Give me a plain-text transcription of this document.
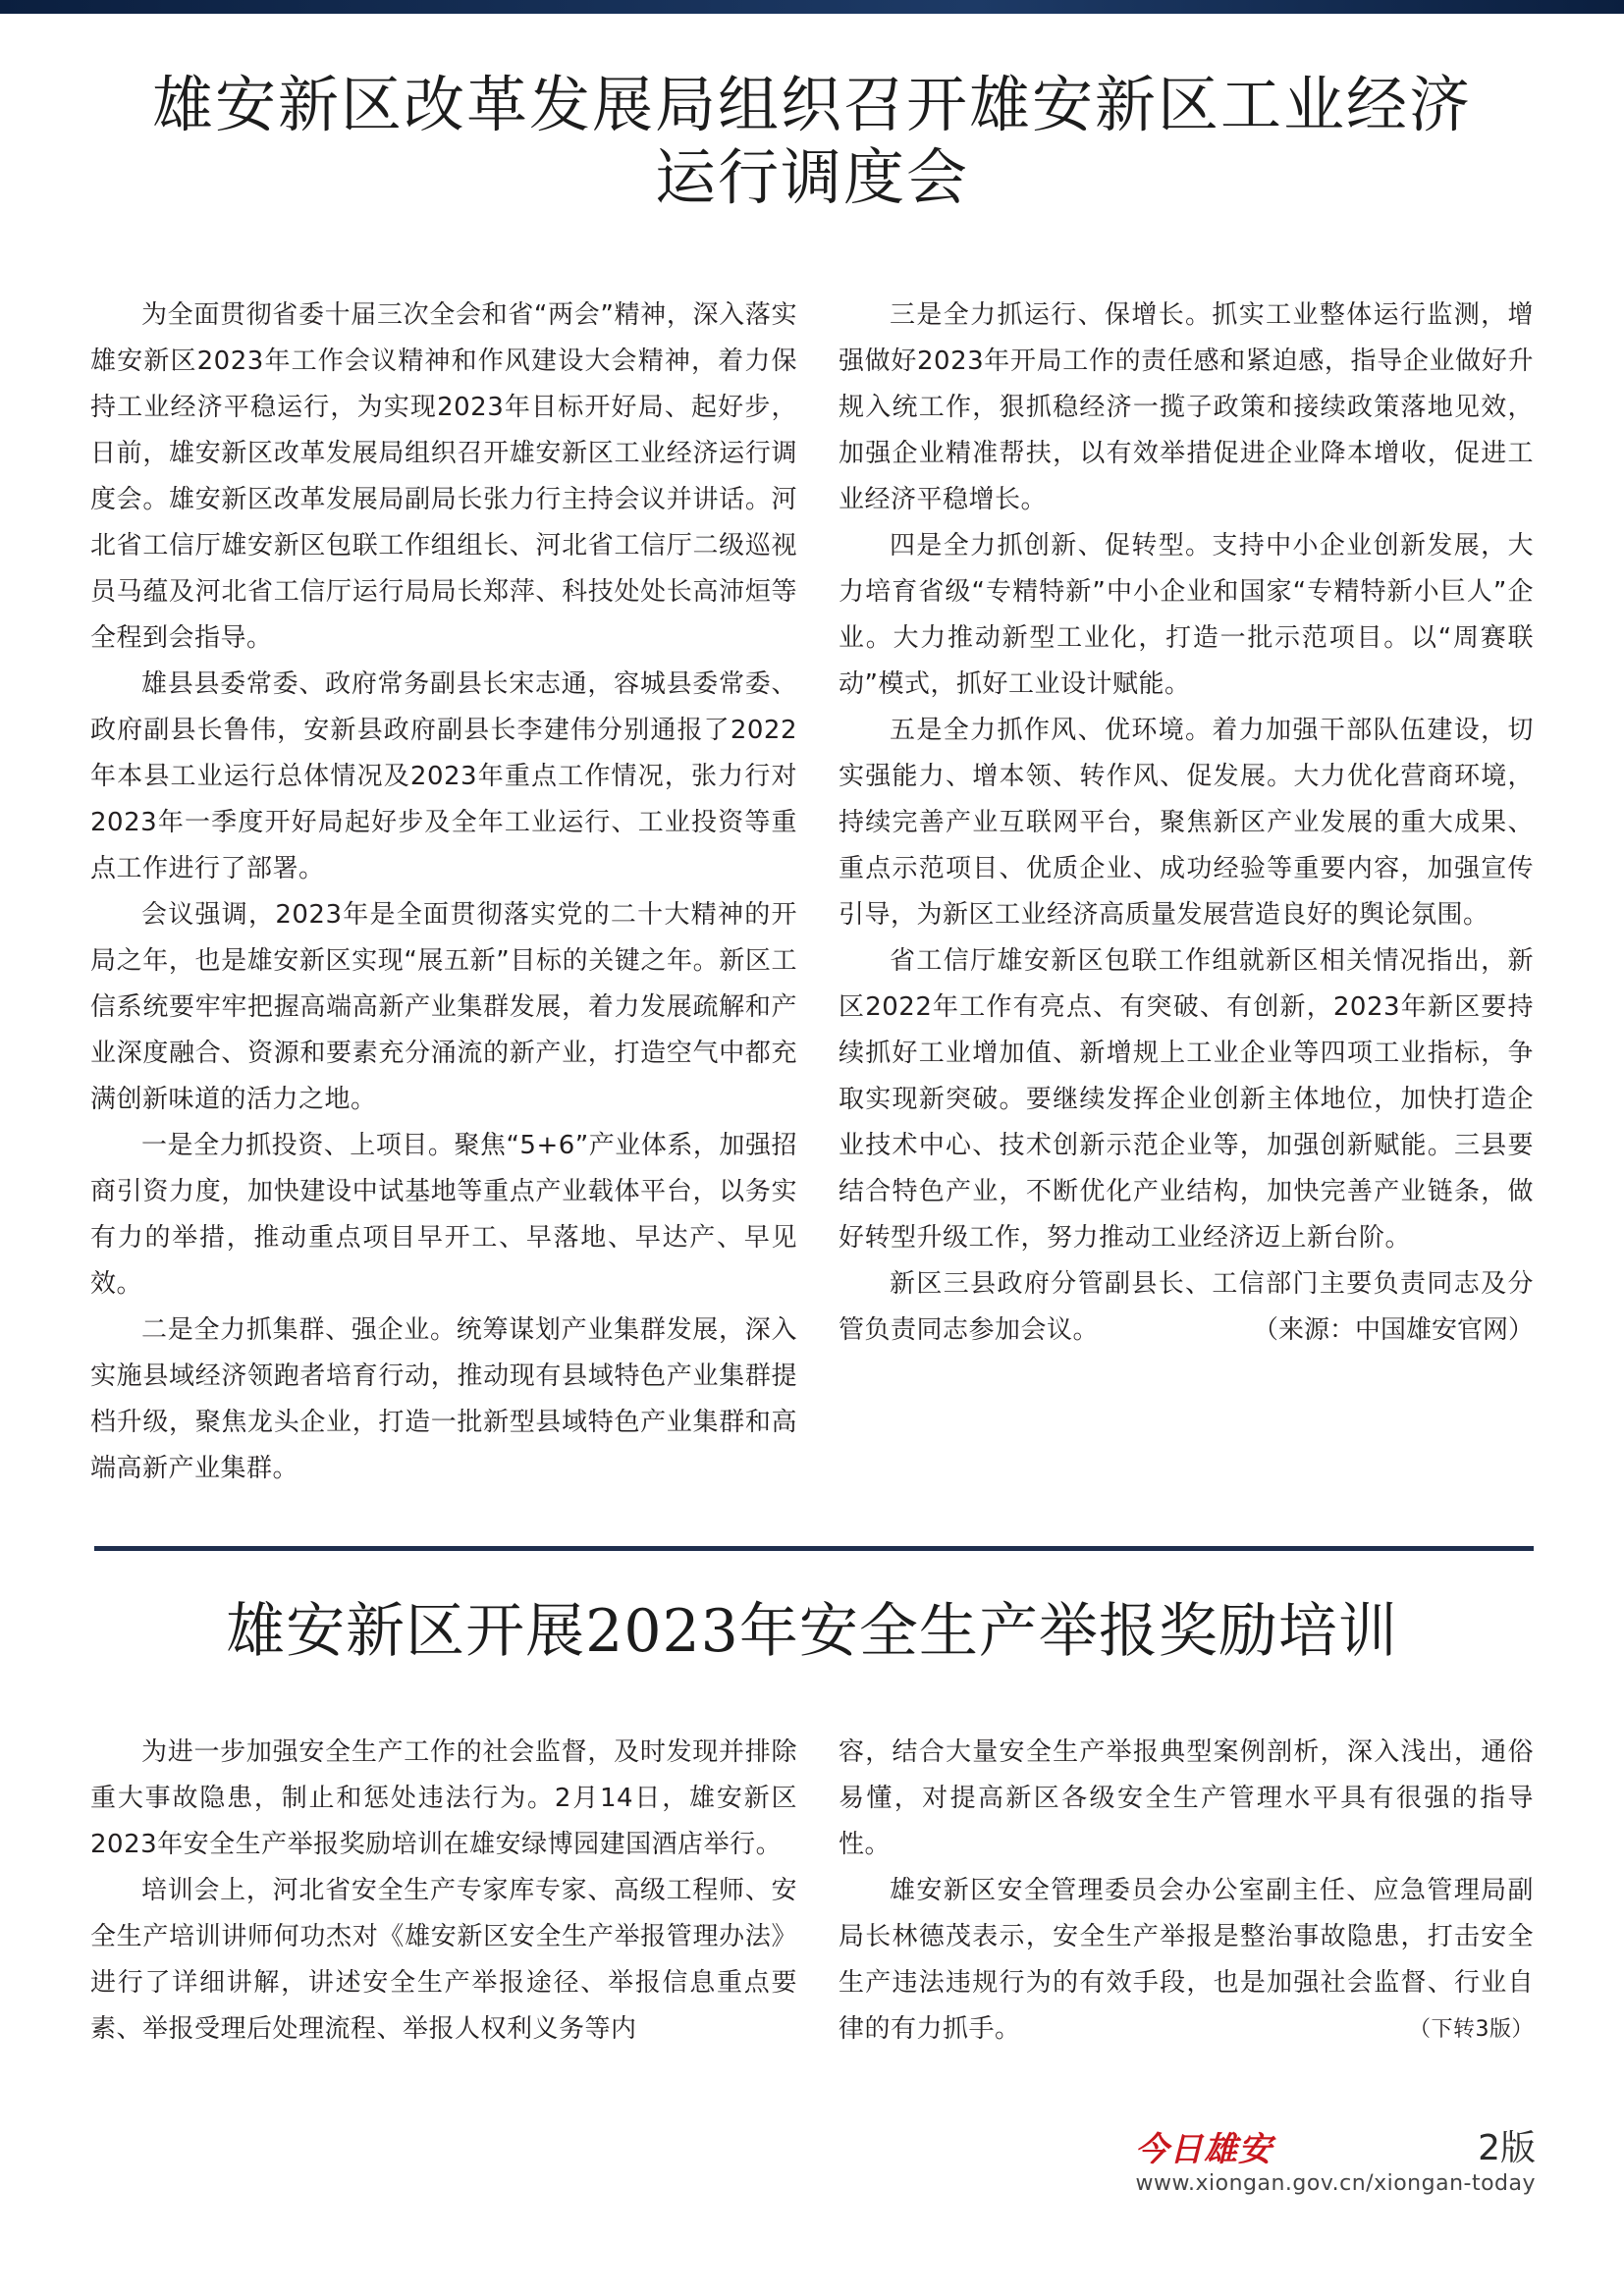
雄安新区改革发展局组织召开雄安新区工业经济
运行调度会

为全面贯彻省委十届三次全会和省“两会”精神，深入落实雄安新区2023年工作会议精神和作风建设大会精神，着力保持工业经济平稳运行，为实现2023年目标开好局、起好步，日前，雄安新区改革发展局组织召开雄安新区工业经济运行调度会。雄安新区改革发展局副局长张力行主持会议并讲话。河北省工信厅雄安新区包联工作组组长、河北省工信厅二级巡视员马蕴及河北省工信厅运行局局长郑萍、科技处处长高沛烜等全程到会指导。

雄县县委常委、政府常务副县长宋志通，容城县委常委、政府副县长鲁伟，安新县政府副县长李建伟分别通报了2022年本县工业运行总体情况及2023年重点工作情况，张力行对2023年一季度开好局起好步及全年工业运行、工业投资等重点工作进行了部署。

会议强调，2023年是全面贯彻落实党的二十大精神的开局之年，也是雄安新区实现“展五新”目标的关键之年。新区工信系统要牢牢把握高端高新产业集群发展，着力发展疏解和产业深度融合、资源和要素充分涌流的新产业，打造空气中都充满创新味道的活力之地。

一是全力抓投资、上项目。聚焦“5+6”产业体系，加强招商引资力度，加快建设中试基地等重点产业载体平台，以务实有力的举措，推动重点项目早开工、早落地、早达产、早见效。

二是全力抓集群、强企业。统筹谋划产业集群发展，深入实施县域经济领跑者培育行动，推动现有县域特色产业集群提档升级，聚焦龙头企业，打造一批新型县域特色产业集群和高端高新产业集群。

三是全力抓运行、保增长。抓实工业整体运行监测，增强做好2023年开局工作的责任感和紧迫感，指导企业做好升规入统工作，狠抓稳经济一揽子政策和接续政策落地见效，加强企业精准帮扶，以有效举措促进企业降本增收，促进工业经济平稳增长。

四是全力抓创新、促转型。支持中小企业创新发展，大力培育省级“专精特新”中小企业和国家“专精特新小巨人”企业。大力推动新型工业化，打造一批示范项目。以“周赛联动”模式，抓好工业设计赋能。

五是全力抓作风、优环境。着力加强干部队伍建设，切实强能力、增本领、转作风、促发展。大力优化营商环境，持续完善产业互联网平台，聚焦新区产业发展的重大成果、重点示范项目、优质企业、成功经验等重要内容，加强宣传引导，为新区工业经济高质量发展营造良好的舆论氛围。

省工信厅雄安新区包联工作组就新区相关情况指出，新区2022年工作有亮点、有突破、有创新，2023年新区要持续抓好工业增加值、新增规上工业企业等四项工业指标，争取实现新突破。要继续发挥企业创新主体地位，加快打造企业技术中心、技术创新示范企业等，加强创新赋能。三县要结合特色产业，不断优化产业结构，加快完善产业链条，做好转型升级工作，努力推动工业经济迈上新台阶。

新区三县政府分管副县长、工信部门主要负责同志及分管负责同志参加会议。	（来源：中国雄安官网）

雄安新区开展2023年安全生产举报奖励培训

为进一步加强安全生产工作的社会监督，及时发现并排除重大事故隐患，制止和惩处违法行为。2月14日，雄安新区2023年安全生产举报奖励培训在雄安绿博园建国酒店举行。

培训会上，河北省安全生产专家库专家、高级工程师、安全生产培训讲师何功杰对《雄安新区安全生产举报管理办法》进行了详细讲解，讲述安全生产举报途径、举报信息重点要素、举报受理后处理流程、举报人权利义务等内

容，结合大量安全生产举报典型案例剖析，深入浅出，通俗易懂，对提高新区各级安全生产管理水平具有很强的指导性。

雄安新区安全管理委员会办公室副主任、应急管理局副局长林德茂表示，安全生产举报是整治事故隐患，打击安全生产违法违规行为的有效手段，也是加强社会监督、行业自律的有力抓手。	（下转3版）

今日雄安	2版
www.xiongan.gov.cn/xiongan-today
